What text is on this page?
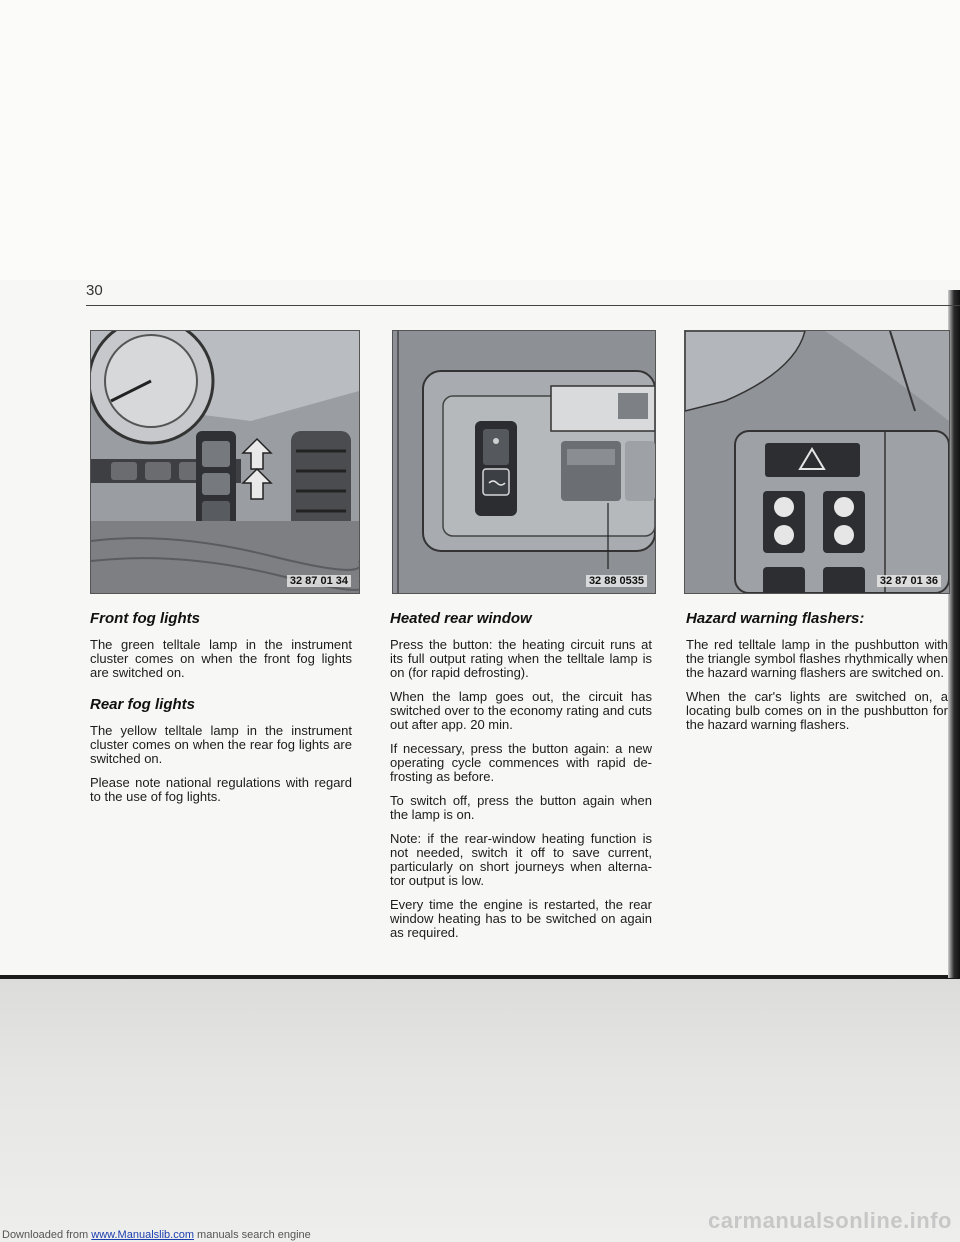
30
32 87 01 34	32 88 0535	32 87 01 36
Front fog lights

The green telltale lamp in the instrument cluster comes on when the front fog lights are switched on.

Rear fog lights

The yellow telltale lamp in the instrument cluster comes on when the rear fog lights are switched on.

Please note national regulations with regard to the use of fog lights.

Heated rear window

Press the button: the heating circuit runs at its full output rating when the telltale lamp is on (for rapid defrosting).

When the lamp goes out, the circuit has switched over to the economy rating and cuts out after app. 20 min.

If necessary, press the button again: a new operating cycle commences with rapid de-frosting as before.

To switch off, press the button again when the lamp is on.

Note: if the rear-window heating function is not needed, switch it off to save current, particularly on short journeys when alterna-tor output is low.

Every time the engine is restarted, the rear window heating has to be switched on again as required.

Hazard warning flashers:

The red telltale lamp in the pushbutton with the triangle symbol flashes rhythmically when the hazard warning flashers are switched on.

When the car's lights are switched on, a locating bulb comes on in the pushbutton for the hazard warning flashers.

Downloaded from www.Manualslib.com manuals search engine
carmanualsonline.info
